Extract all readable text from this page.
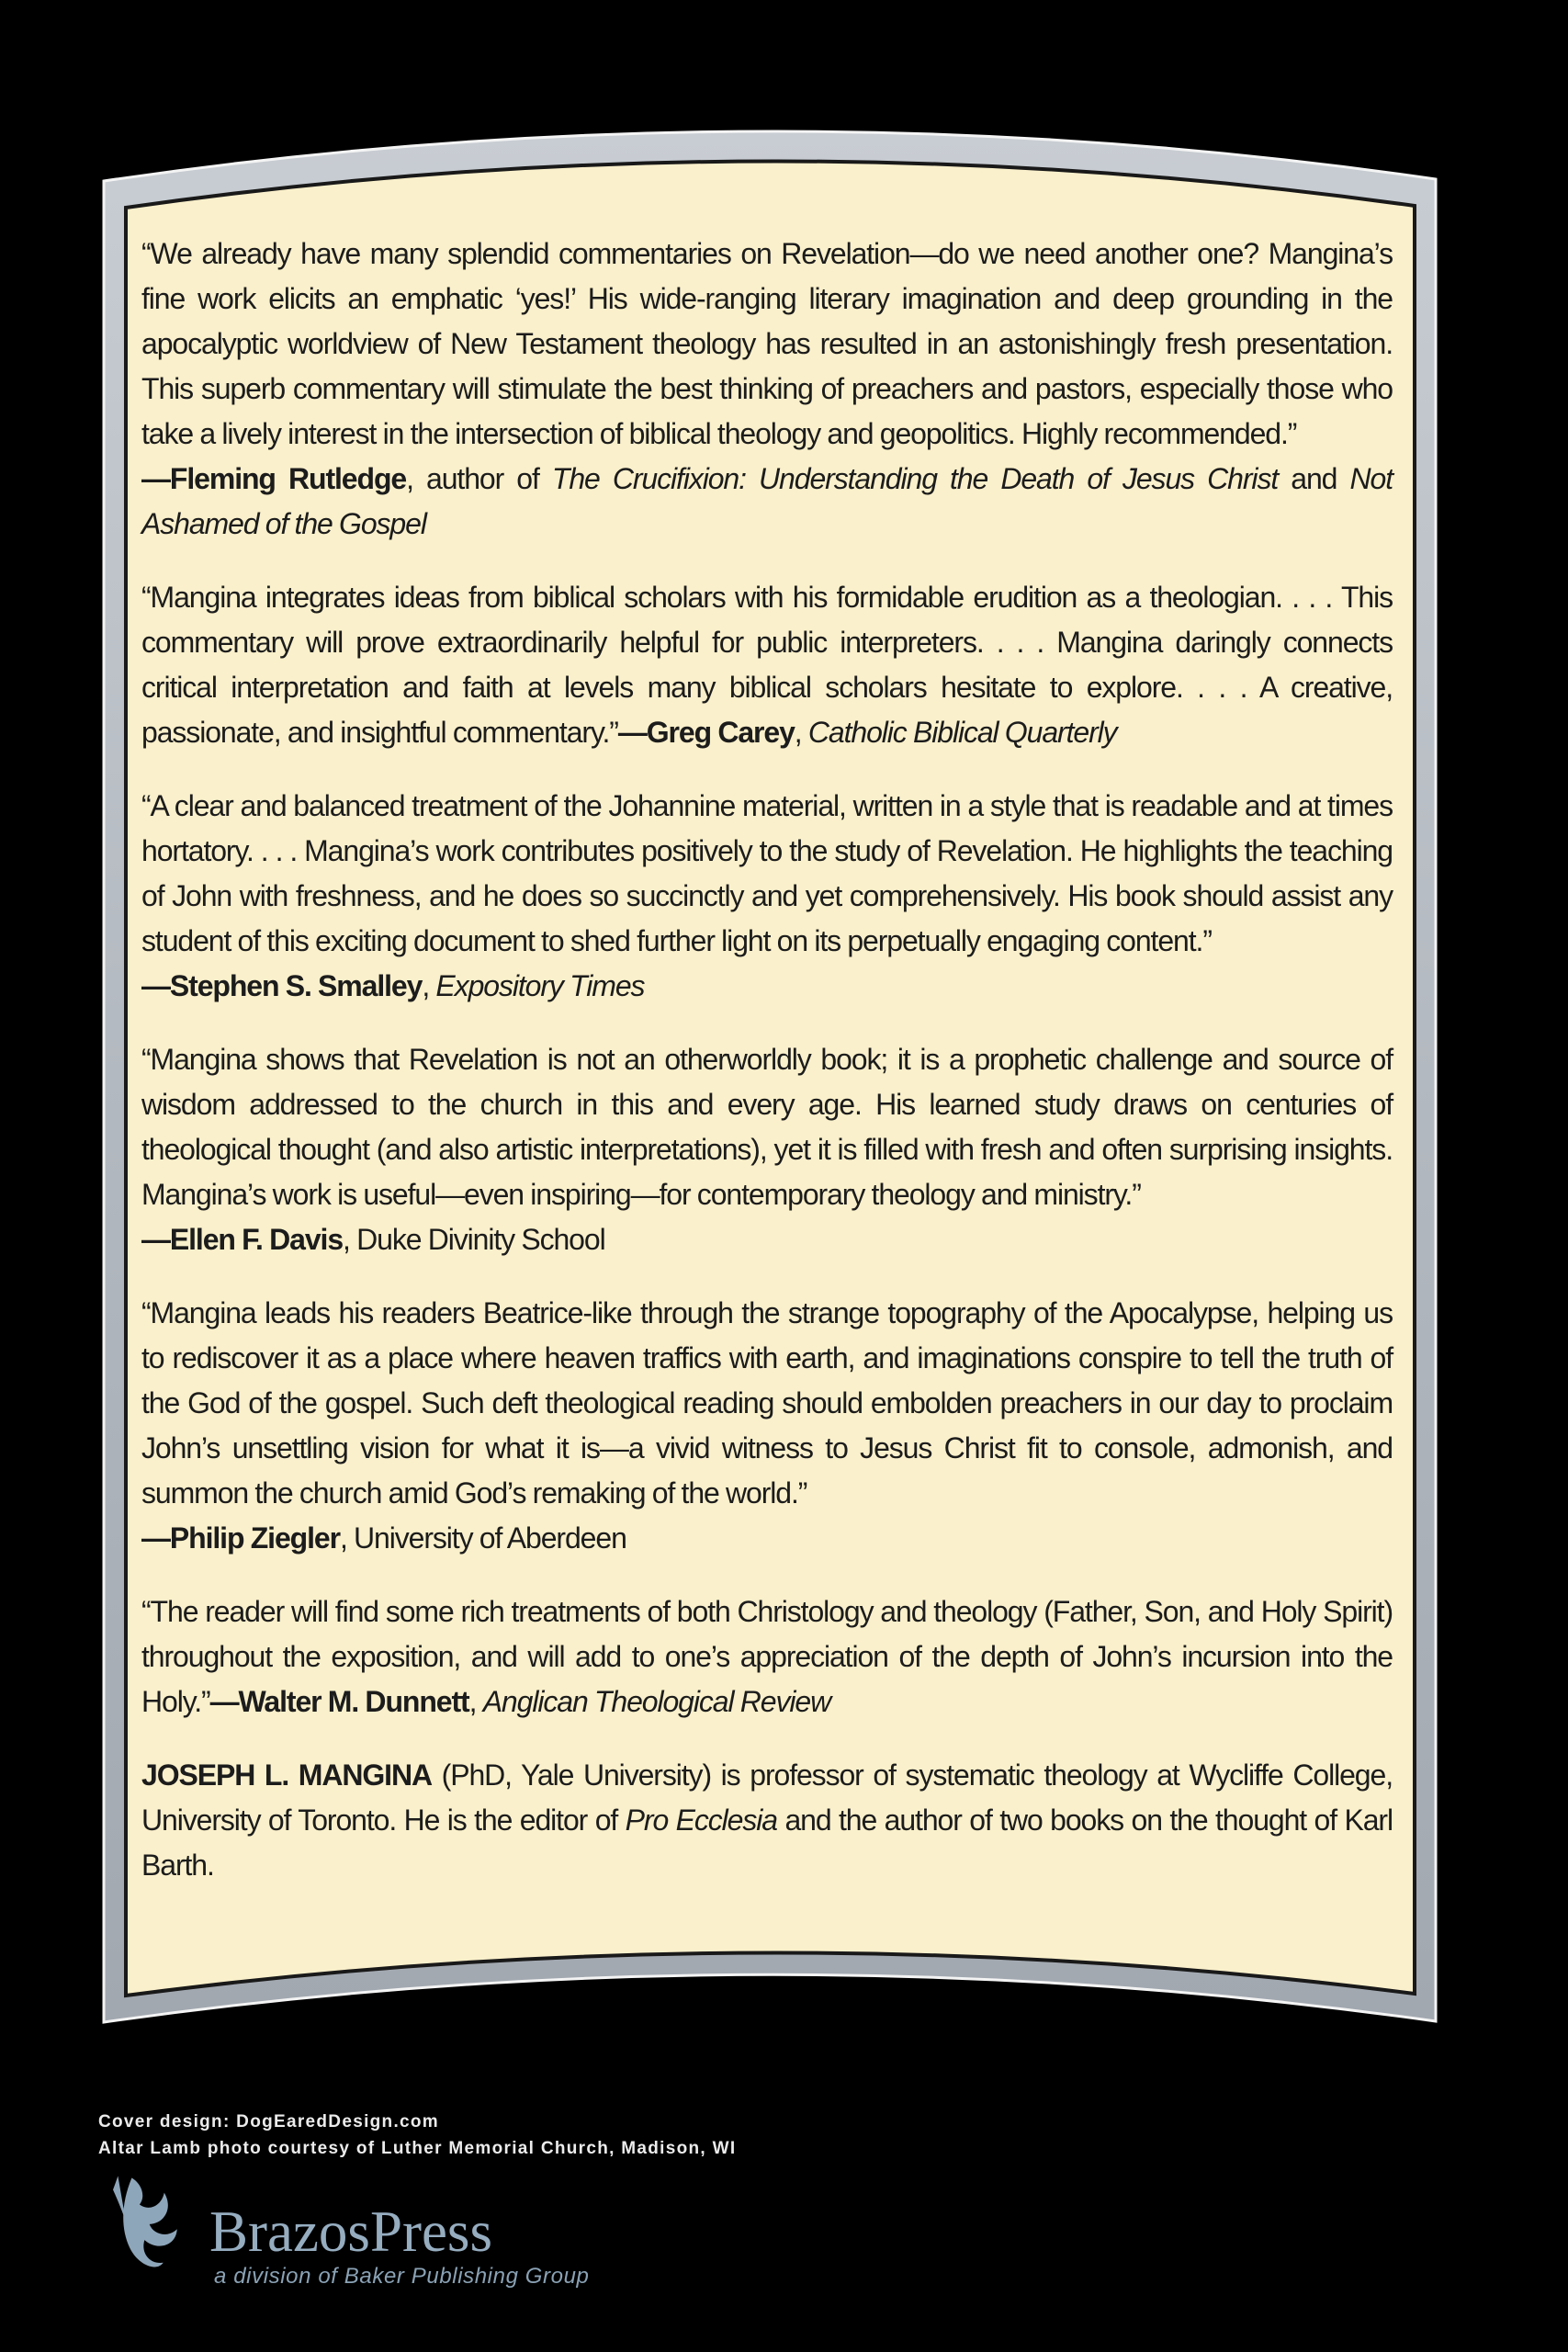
“We already have many splendid commentaries on Revelation—do we need another one? Mangina’s fine work elicits an emphatic ‘yes!’ His wide-ranging literary imagination and deep grounding in the apocalyptic worldview of New Testament theology has resulted in an astonishingly fresh presentation. This superb commentary will stimulate the best thinking of preachers and pastors, especially those who take a lively interest in the intersection of biblical theology and geopolitics. Highly recommended.”
—Fleming Rutledge, author of The Crucifixion: Understanding the Death of Jesus Christ and Not Ashamed of the Gospel

“Mangina integrates ideas from biblical scholars with his formidable erudition as a theologian. . . . This commentary will prove extraordinarily helpful for public interpreters. . . . Mangina daringly connects critical interpretation and faith at levels many biblical scholars hesitate to explore. . . . A creative, passionate, and insightful commentary.”—Greg Carey, Catholic Biblical Quarterly

“A clear and balanced treatment of the Johannine material, written in a style that is readable and at times hortatory. . . . Mangina’s work contributes positively to the study of Revelation. He highlights the teaching of John with freshness, and he does so succinctly and yet comprehensively. His book should assist any student of this exciting document to shed further light on its perpetually engaging content.”
—Stephen S. Smalley, Expository Times

“Mangina shows that Revelation is not an otherworldly book; it is a prophetic challenge and source of wisdom addressed to the church in this and every age. His learned study draws on centuries of theological thought (and also artistic interpretations), yet it is filled with fresh and often surprising insights. Mangina’s work is useful—even inspiring—for contemporary theology and ministry.”
—Ellen F. Davis, Duke Divinity School

“Mangina leads his readers Beatrice-like through the strange topography of the Apocalypse, helping us to rediscover it as a place where heaven traffics with earth, and imaginations conspire to tell the truth of the God of the gospel. Such deft theological reading should embolden preachers in our day to proclaim John’s unsettling vision for what it is—a vivid witness to Jesus Christ fit to console, admonish, and summon the church amid God’s remaking of the world.”
—Philip Ziegler, University of Aberdeen

“The reader will find some rich treatments of both Christology and theology (Father, Son, and Holy Spirit) throughout the exposition, and will add to one’s appreciation of the depth of John’s incursion into the Holy.”—Walter M. Dunnett, Anglican Theological Review

JOSEPH L. MANGINA (PhD, Yale University) is professor of systematic theology at Wycliffe College, University of Toronto. He is the editor of Pro Ecclesia and the author of two books on the thought of Karl Barth.

Cover design: DogEaredDesign.com
Altar Lamb photo courtesy of Luther Memorial Church, Madison, WI
BrazosPress
a division of Baker Publishing Group
